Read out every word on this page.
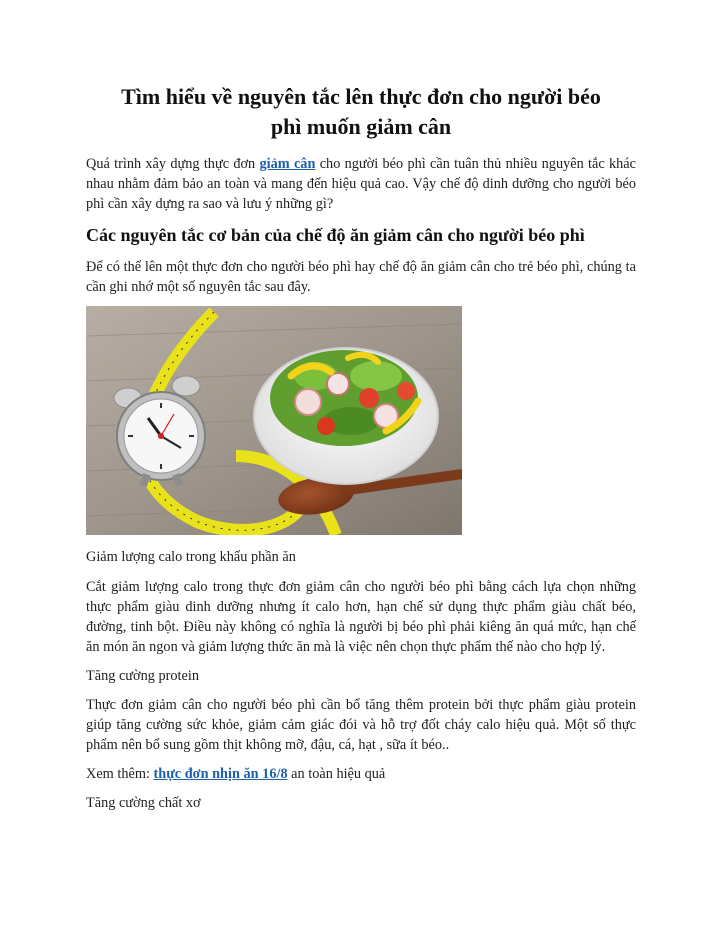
Tìm hiểu về nguyên tắc lên thực đơn cho người béo
phì muốn giảm cân

Quá trình xây dựng thực đơn giảm cân cho người béo phì cần tuân thủ nhiều nguyên tắc khác nhau nhằm đảm bảo an toàn và mang đến hiệu quả cao. Vậy chế độ dinh dưỡng cho người béo phì cần xây dựng ra sao và lưu ý những gì?

Các nguyên tắc cơ bản của chế độ ăn giảm cân cho người béo phì

Để có thể lên một thực đơn cho người béo phì hay chế độ ăn giảm cân cho trẻ béo phì, chúng ta cần ghi nhớ một số nguyên tắc sau đây.

Giảm lượng calo trong khẩu phần ăn

Cắt giảm lượng calo trong thực đơn giảm cân cho người béo phì bằng cách lựa chọn những thực phẩm giàu dinh dưỡng nhưng ít calo hơn, hạn chế sử dụng thực phẩm giàu chất béo, đường, tinh bột. Điều này không có nghĩa là người bị béo phì phải kiêng ăn quá mức, hạn chế ăn món ăn ngon và giảm lượng thức ăn mà là việc nên chọn thực phẩm thế nào cho hợp lý.

Tăng cường protein

Thực đơn giảm cân cho người béo phì cần bổ tăng thêm protein bởi thực phẩm giàu protein giúp tăng cường sức khỏe, giảm cảm giác đói và hỗ trợ đốt cháy calo hiệu quả. Một số thực phẩm nên bổ sung gồm thịt không mỡ, đậu, cá, hạt , sữa ít béo..

Xem thêm: thực đơn nhịn ăn 16/8 an toàn hiệu quả

Tăng cường chất xơ
